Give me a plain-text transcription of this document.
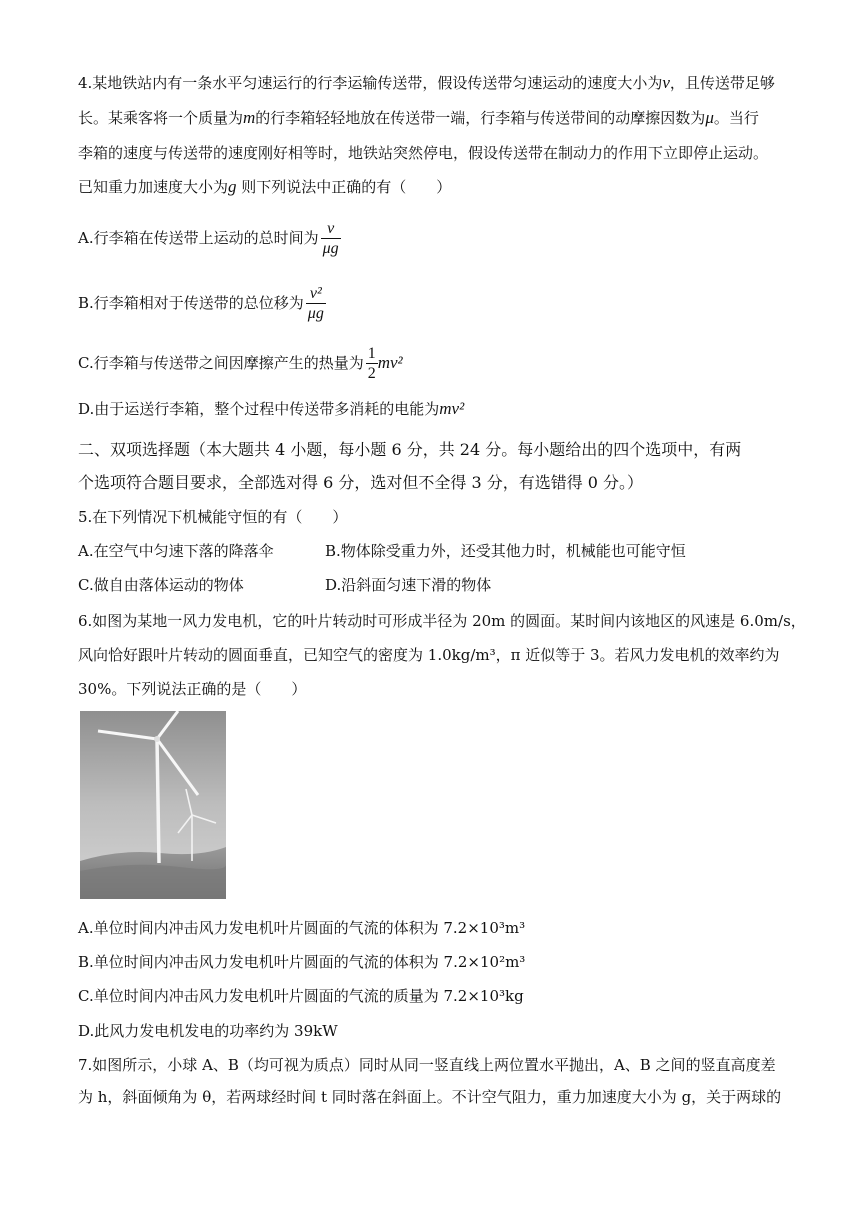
4.某地铁站内有一条水平匀速运行的行李运输传送带，假设传送带匀速运动的速度大小为v，且传送带足够
长。某乘客将一个质量为m的行李箱轻轻地放在传送带一端，行李箱与传送带间的动摩擦因数为μ。当行
李箱的速度与传送带的速度刚好相等时，地铁站突然停电，假设传送带在制动力的作用下立即停止运动。
已知重力加速度大小为g 则下列说法中正确的有（　　）
A.行李箱在传送带上运动的总时间为 $\frac{v}{\mu g}$
B.行李箱相对于传送带的总位移为 $\frac{\text{v²}}{\mu g}$
C.行李箱与传送带之间因摩擦产生的热量为 $\frac{1}{2} mv^2$
D.由于运送行李箱，整个过程中传送带多消耗的电能为mv²
二、双项选择题（本大题共 4 小题，每小题 6 分，共 24 分。每小题给出的四个选项中，有两
个选项符合题目要求，全部选对得 6 分，选对但不全得 3 分，有选错得 0 分。）
5.在下列情况下机械能守恒的有（　　）
A.在空气中匀速下落的降落伞	B.物体除受重力外，还受其他力时，机械能也可能守恒
C.做自由落体运动的物体	D.沿斜面匀速下滑的物体
6.如图为某地一风力发电机，它的叶片转动时可形成半径为 20m 的圆面。某时间内该地区的风速是 6.0m/s，
风向恰好跟叶片转动的圆面垂直，已知空气的密度为 1.0kg/m³，π 近似等于 3。若风力发电机的效率约为
30%。下列说法正确的是（　　）
A.单位时间内冲击风力发电机叶片圆面的气流的体积为 7.2×10³m³
B.单位时间内冲击风力发电机叶片圆面的气流的体积为 7.2×10²m³
C.单位时间内冲击风力发电机叶片圆面的气流的质量为 7.2×10³kg
D.此风力发电机发电的功率约为 39kW
7.如图所示，小球 A、B（均可视为质点）同时从同一竖直线上两位置水平抛出，A、B 之间的竖直高度差
为 h，斜面倾角为 θ，若两球经时间 t 同时落在斜面上。不计空气阻力，重力加速度大小为 g，关于两球的
